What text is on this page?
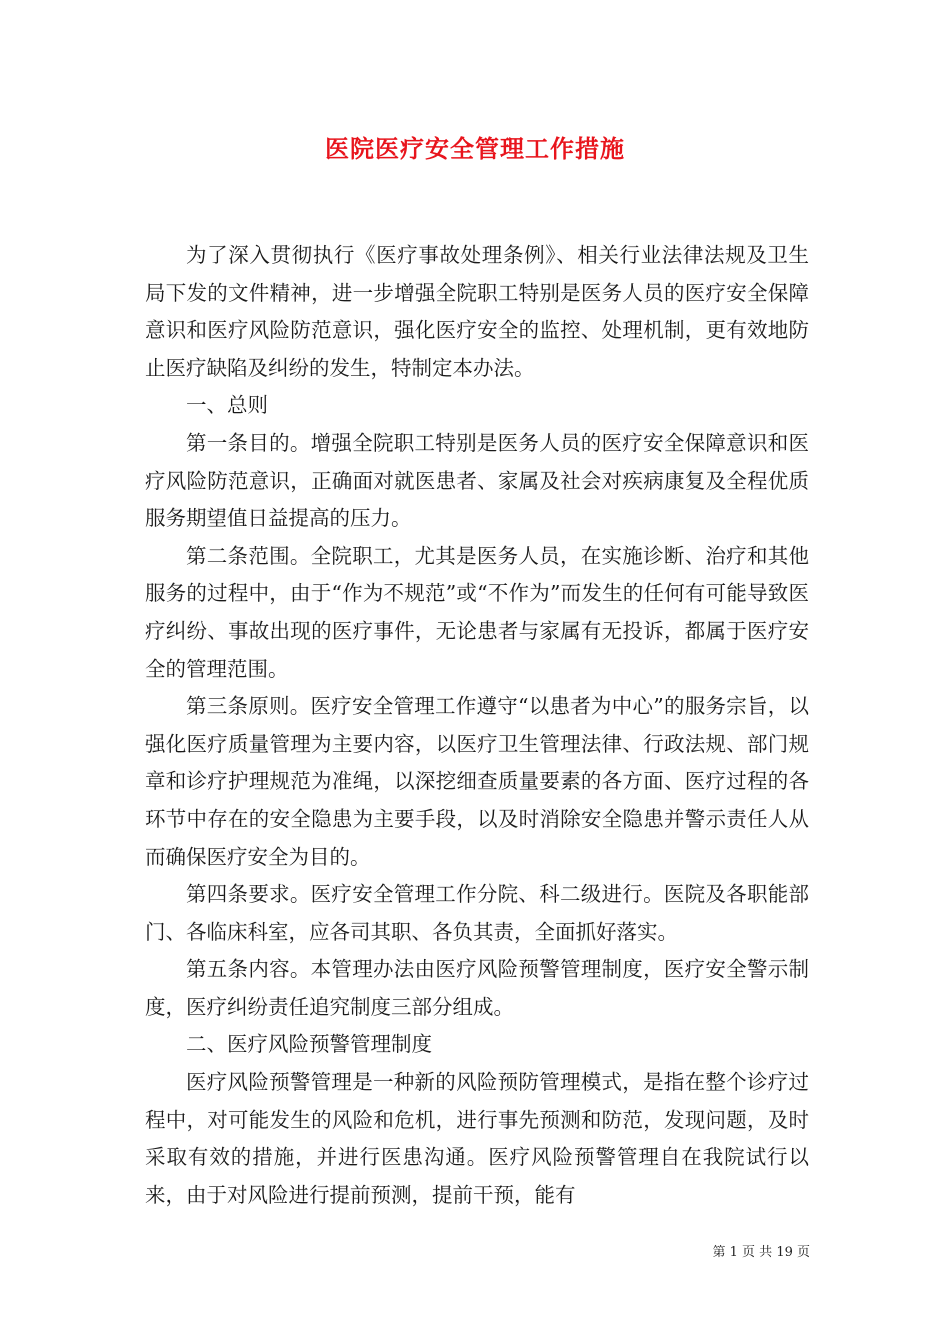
医院医疗安全管理工作措施

为了深入贯彻执行《医疗事故处理条例》、相关行业法律法规及卫生局下发的文件精神，进一步增强全院职工特别是医务人员的医疗安全保障意识和医疗风险防范意识，强化医疗安全的监控、处理机制，更有效地防止医疗缺陷及纠纷的发生，特制定本办法。

一、总则

第一条目的。增强全院职工特别是医务人员的医疗安全保障意识和医疗风险防范意识，正确面对就医患者、家属及社会对疾病康复及全程优质服务期望值日益提高的压力。

第二条范围。全院职工，尤其是医务人员，在实施诊断、治疗和其他服务的过程中，由于“作为不规范”或“不作为”而发生的任何有可能导致医疗纠纷、事故出现的医疗事件，无论患者与家属有无投诉，都属于医疗安全的管理范围。

第三条原则。医疗安全管理工作遵守“以患者为中心”的服务宗旨，以强化医疗质量管理为主要内容，以医疗卫生管理法律、行政法规、部门规章和诊疗护理规范为准绳，以深挖细查质量要素的各方面、医疗过程的各环节中存在的安全隐患为主要手段，以及时消除安全隐患并警示责任人从而确保医疗安全为目的。

第四条要求。医疗安全管理工作分院、科二级进行。医院及各职能部门、各临床科室，应各司其职、各负其责，全面抓好落实。

第五条内容。本管理办法由医疗风险预警管理制度，医疗安全警示制度，医疗纠纷责任追究制度三部分组成。

二、医疗风险预警管理制度

医疗风险预警管理是一种新的风险预防管理模式，是指在整个诊疗过程中，对可能发生的风险和危机，进行事先预测和防范，发现问题，及时采取有效的措施，并进行医患沟通。医疗风险预警管理自在我院试行以来，由于对风险进行提前预测，提前干预，能有

第 1 页 共 19 页
